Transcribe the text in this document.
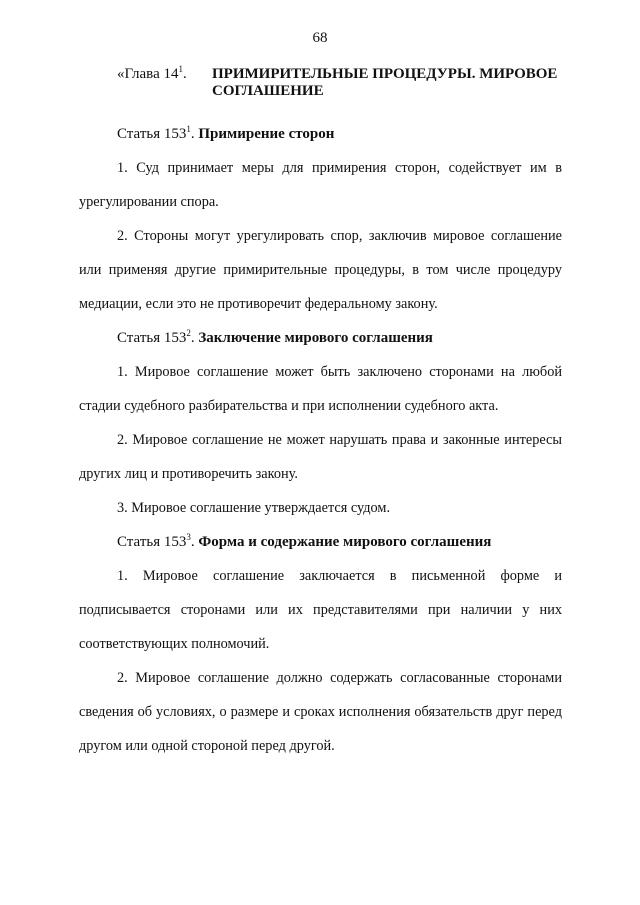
68
«Глава $14^1$. ПРИМИРИТЕЛЬНЫЕ ПРОЦЕДУРЫ. МИРОВОЕ СОГЛАШЕНИЕ

Статья $153^1$. Примирение сторон

1. Суд принимает меры для примирения сторон, содействует им в урегулировании спора.

2. Стороны могут урегулировать спор, заключив мировое соглашение или применяя другие примирительные процедуры, в том числе процедуру медиации, если это не противоречит федеральному закону.

Статья $153^2$. Заключение мирового соглашения

1. Мировое соглашение может быть заключено сторонами на любой стадии судебного разбирательства и при исполнении судебного акта.

2. Мировое соглашение не может нарушать права и законные интересы других лиц и противоречить закону.

3. Мировое соглашение утверждается судом.

Статья $153^3$. Форма и содержание мирового соглашения

1. Мировое соглашение заключается в письменной форме и подписывается сторонами или их представителями при наличии у них соответствующих полномочий.

2. Мировое соглашение должно содержать согласованные сторонами сведения об условиях, о размере и сроках исполнения обязательств друг перед другом или одной стороной перед другой.
